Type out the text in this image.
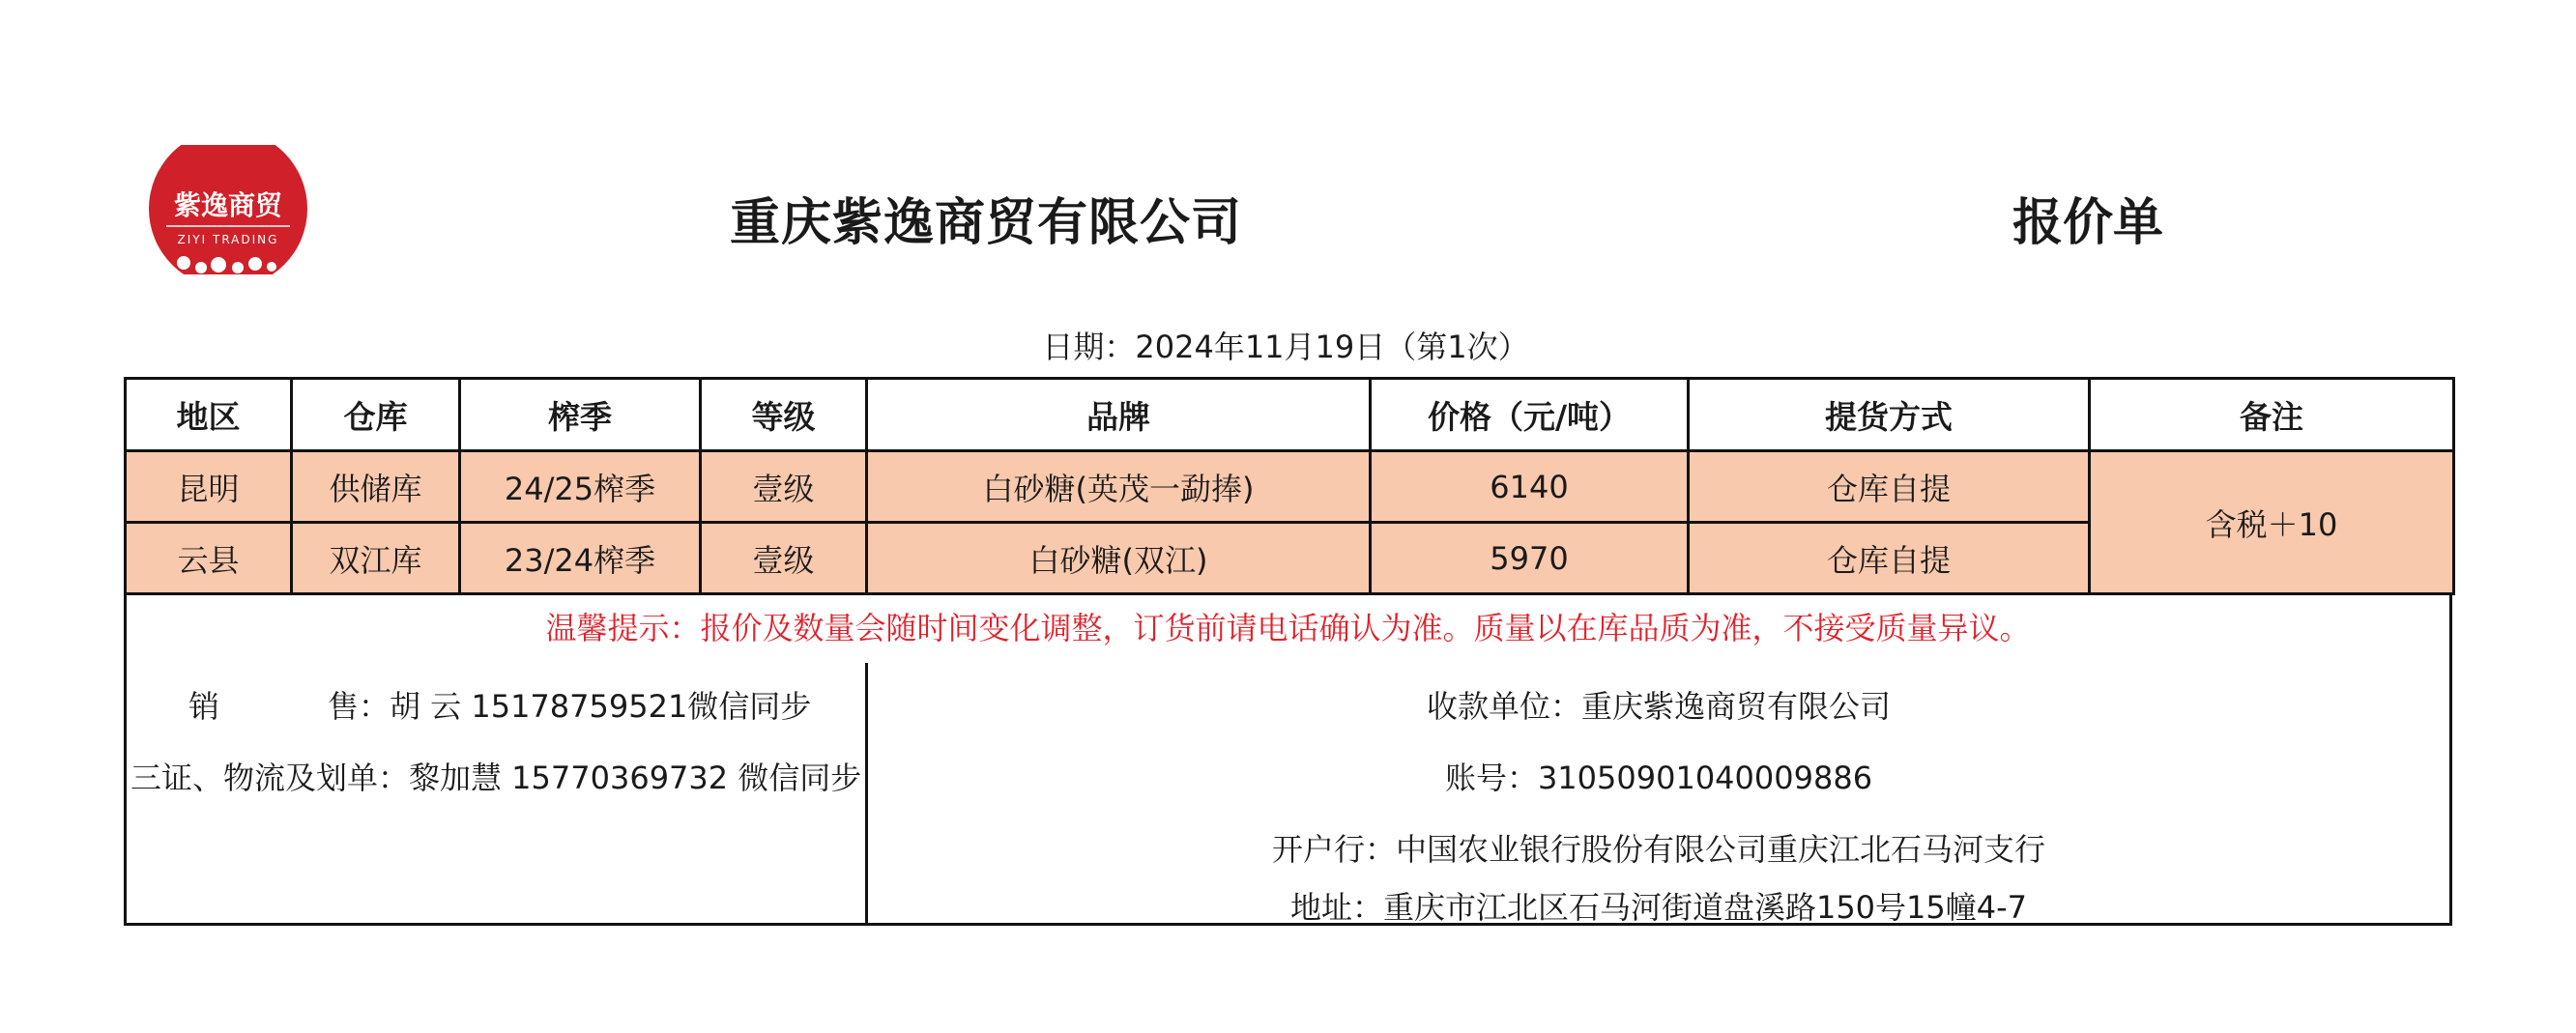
紫逸商贸
ZIYI TRADING	重庆紫逸商贸有限公司	报价单
日期：2024年11月19日（第1次）
地区	仓库	榨季	等级	品牌	价格（元/吨）	提货方式	备注
昆明	供储库	24/25榨季	壹级	白砂糖(英茂一勐捧)	6140	仓库自提	含税＋10
云县	双江库	23/24榨季	壹级	白砂糖(双江)	5970	仓库自提	
温馨提示：报价及数量会随时间变化调整，订货前请电话确认为准。质量以在库品质为准，不接受质量异议。
销	售： 胡 云 15178759521微信同步
三证、物流及划单：黎加慧 15770369732 微信同步
收款单位：重庆紫逸商贸有限公司
账号：31050901040009886
开户行：中国农业银行股份有限公司重庆江北石马河支行
地址：重庆市江北区石马河街道盘溪路150号15幢4-7
